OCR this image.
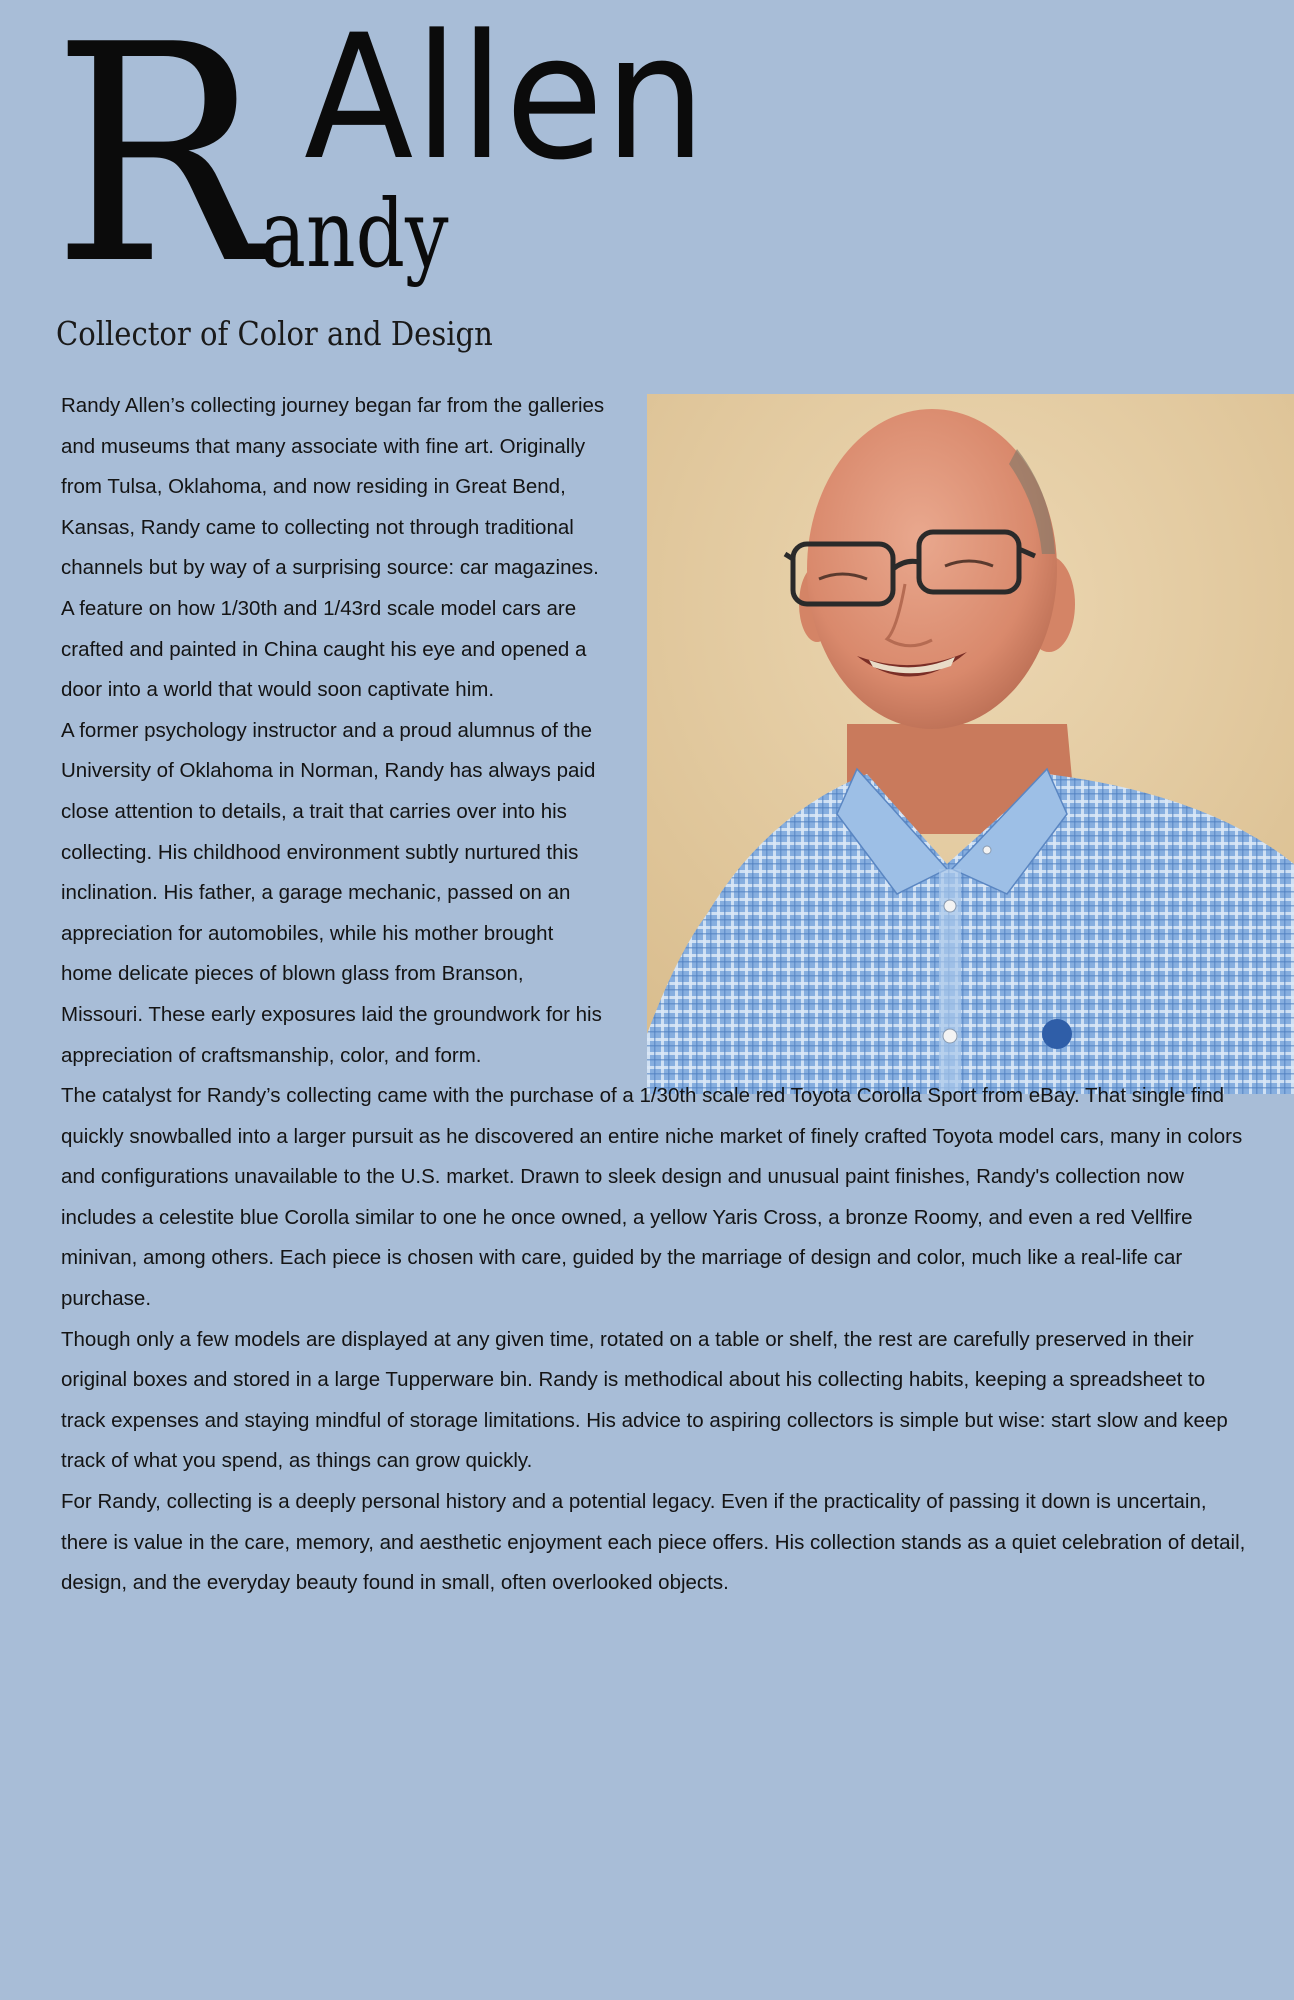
R Allen
andy
Collector of Color and Design

Randy Allen’s collecting journey began far from the galleries and museums that many associate with fine art. Originally from Tulsa, Oklahoma, and now residing in Great Bend, Kansas, Randy came to collecting not through traditional channels but by way of a surprising source: car magazines. A feature on how 1/30th and 1/43rd scale model cars are crafted and painted in China caught his eye and opened a door into a world that would soon captivate him.

A former psychology instructor and a proud alumnus of the University of Oklahoma in Norman, Randy has always paid close attention to details, a trait that carries over into his collecting. His childhood environment subtly nurtured this inclination. His father, a garage mechanic, passed on an appreciation for automobiles, while his mother brought home delicate pieces of blown glass from Branson, Missouri. These early exposures laid the groundwork for his appreciation of craftsmanship, color, and form.

The catalyst for Randy’s collecting came with the purchase of a 1/30th scale red Toyota Corolla Sport from eBay. That single find quickly snowballed into a larger pursuit as he discovered an entire niche market of finely crafted Toyota model cars, many in colors and configurations unavailable to the U.S. market. Drawn to sleek design and unusual paint finishes, Randy's collection now includes a celestite blue Corolla similar to one he once owned, a yellow Yaris Cross, a bronze Roomy, and even a red Vellfire minivan, among others. Each piece is chosen with care, guided by the marriage of design and color, much like a real-life car purchase.

Though only a few models are displayed at any given time, rotated on a table or shelf, the rest are carefully preserved in their original boxes and stored in a large Tupperware bin. Randy is methodical about his collecting habits, keeping a spreadsheet to track expenses and staying mindful of storage limitations. His advice to aspiring collectors is simple but wise: start slow and keep track of what you spend, as things can grow quickly.

For Randy, collecting is a deeply personal history and a potential legacy. Even if the practicality of passing it down is uncertain, there is value in the care, memory, and aesthetic enjoyment each piece offers. His collection stands as a quiet celebration of detail, design, and the everyday beauty found in small, often overlooked objects.
